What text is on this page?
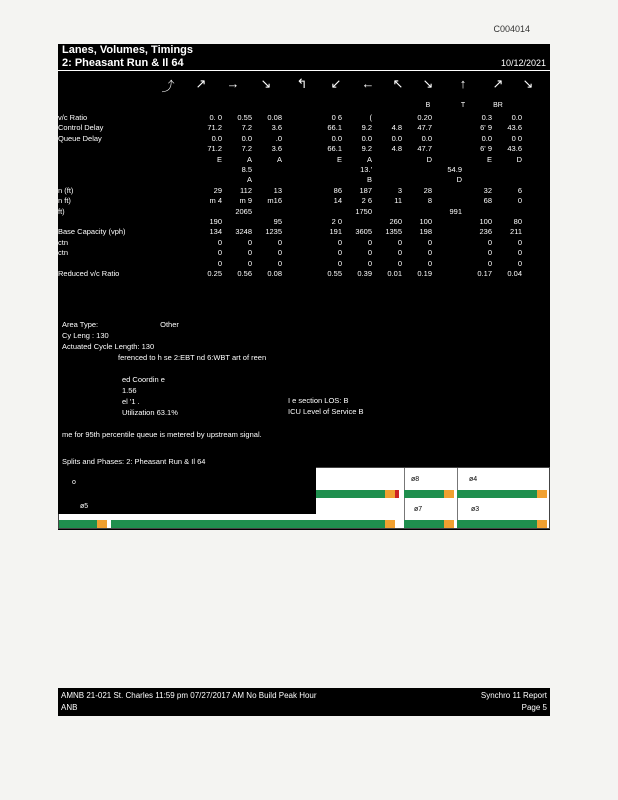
C004014
Lanes, Volumes, Timings
2: Pheasant Run & Il 64	10/12/2021
⤴	↗	→	↘	↰	↙	←	↖	↘	↑	↗	↘
B	T	BR
v/c Ratio	0. 0	0.55	0.08		0 6	(		0.20		0.3	0.0
Control Delay	71.2	7.2	3.6		66.1	9.2	4.8	47.7		6' 9	43.6
Queue Delay	0.0	0.0	.0		0.0	0.0	0.0	0.0		0.0	0 0
	71.2	7.2	3.6		66.1	9.2	4.8	47.7		6' 9	43.6
	E	A	A		E	A		D		E	D
		8.5				13.'			54.9		
		A				B			D		
n (ft)	29	112	13		86	187	3	28		32	6
n ft)	m 4	m 9	m16		14	2 6	11	8		68	0
ft)		2065				1750			991		
	190		95		2 0		260	100		100	80
Base Capacity (vph)	134	3248	1235		191	3605	1355	198		236	211
ctn	0	0	0		0	0	0	0		0	0
ctn	0	0	0		0	0	0	0		0	0
	0	0	0		0	0	0	0		0	0
Reduced v/c Ratio	0.25	0.56	0.08		0.55	0.39	0.01	0.19		0.17	0.04
Area Type:	Other
Cy Leng : 130
Actuated Cycle Length: 130
ferenced to h se 2:EBT nd 6:WBT art of reen

ed Coordin e
1.56
el '1 .
Utilization 63.1%

me for 95th percentile queue is metered by upstream signal.
I e section LOS: B
ICU Level of Service B
Splits and Phases: 2: Pheasant Run & Il 64
ø8	ø4
ø7	ø3
o
ø5
AMNB 21-021 St. Charles 11:59 pm 07/27/2017 AM No Build Peak Hour
ANB
Synchro 11 Report
Page 5
